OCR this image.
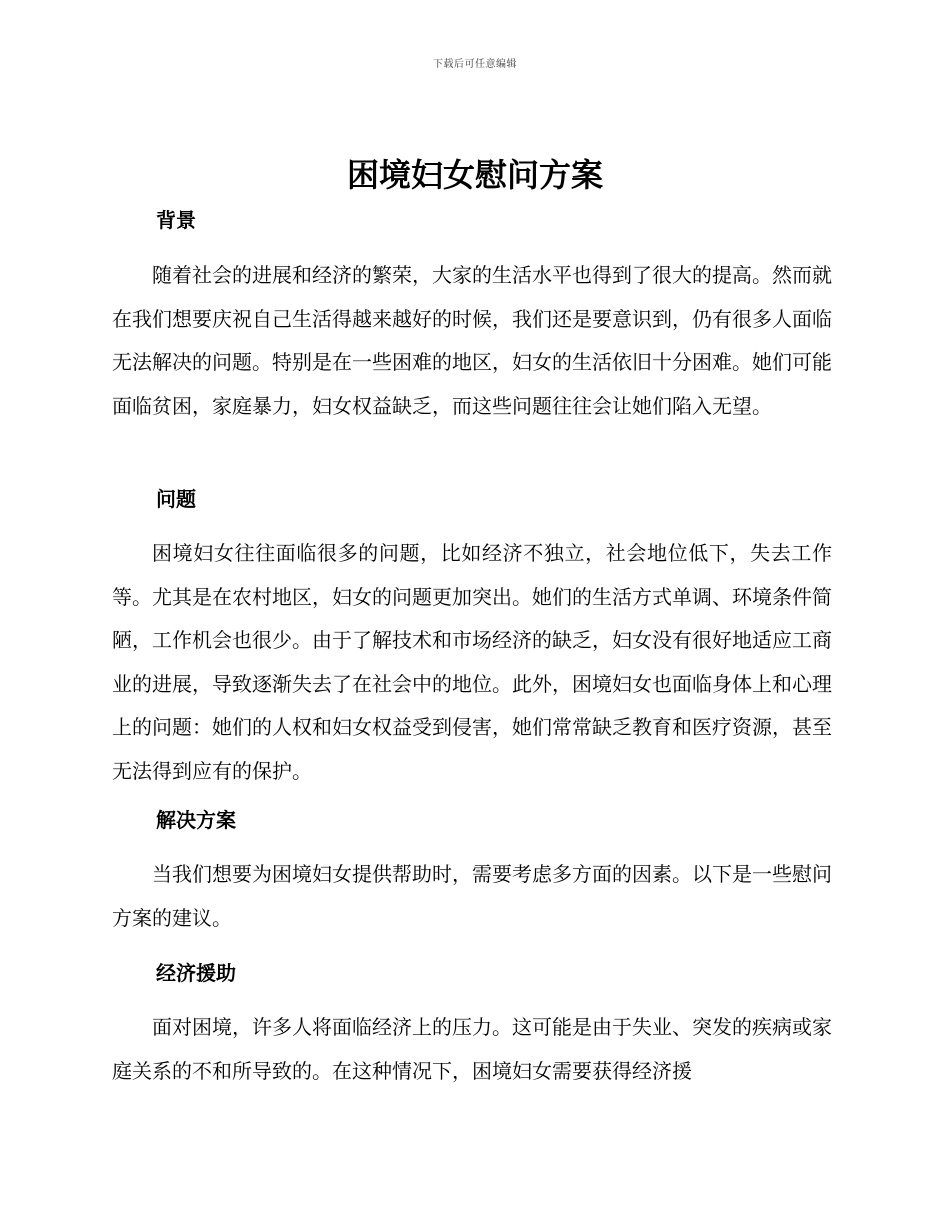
下载后可任意编辑
困境妇女慰问方案
背景

随着社会的进展和经济的繁荣，大家的生活水平也得到了很大的提高。然而就在我们想要庆祝自己生活得越来越好的时候，我们还是要意识到，仍有很多人面临无法解决的问题。特别是在一些困难的地区，妇女的生活依旧十分困难。她们可能面临贫困，家庭暴力，妇女权益缺乏，而这些问题往往会让她们陷入无望。

问题

困境妇女往往面临很多的问题，比如经济不独立，社会地位低下，失去工作等。尤其是在农村地区，妇女的问题更加突出。她们的生活方式单调、环境条件简陋，工作机会也很少。由于了解技术和市场经济的缺乏，妇女没有很好地适应工商业的进展，导致逐渐失去了在社会中的地位。此外，困境妇女也面临身体上和心理上的问题：她们的人权和妇女权益受到侵害，她们常常缺乏教育和医疗资源，甚至无法得到应有的保护。

解决方案

当我们想要为困境妇女提供帮助时，需要考虑多方面的因素。以下是一些慰问方案的建议。

经济援助

面对困境，许多人将面临经济上的压力。这可能是由于失业、突发的疾病或家庭关系的不和所导致的。在这种情况下，困境妇女需要获得经济援
